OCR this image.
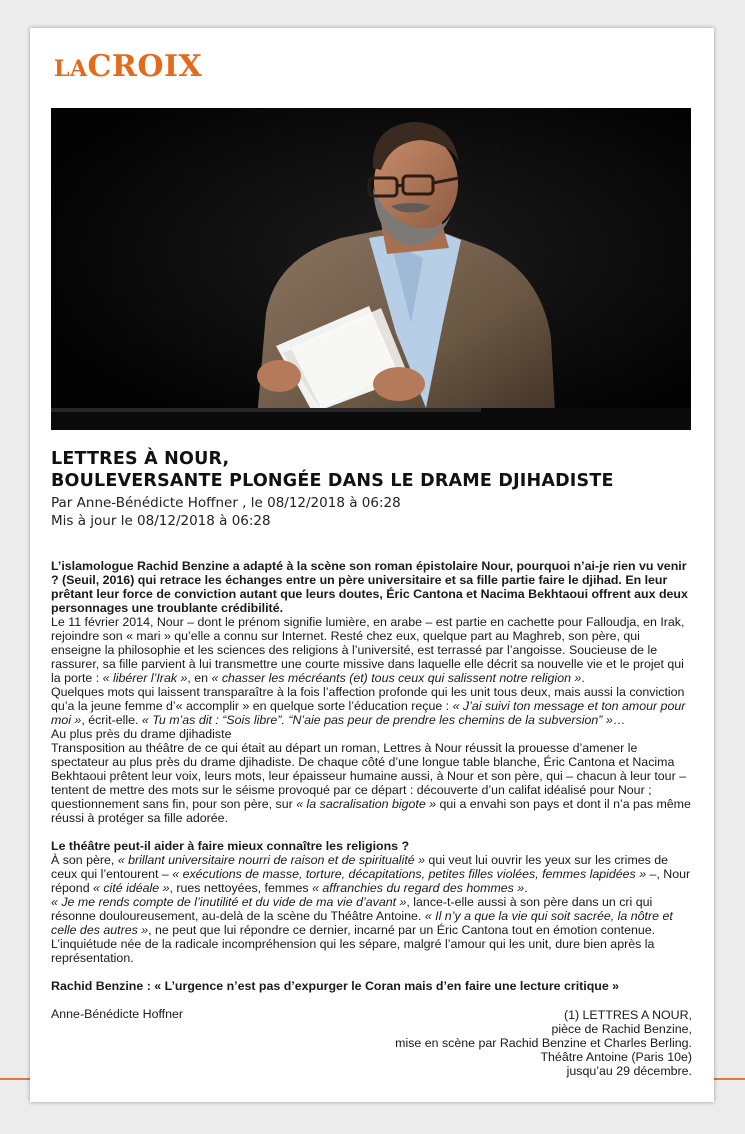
LACROIX
LETTRES À NOUR,
BOULEVERSANTE PLONGÉE DANS LE DRAME DJIHADISTE
Par Anne-Bénédicte Hoffner , le 08/12/2018 à 06:28
Mis à jour le 08/12/2018 à 06:28

L’islamologue Rachid Benzine a adapté à la scène son roman épistolaire Nour, pourquoi n’ai-je rien vu venir ? (Seuil, 2016) qui retrace les échanges entre un père universitaire et sa fille partie faire le djihad. En leur prêtant leur force de conviction autant que leurs doutes, Éric Cantona et Nacima Bekhtaoui offrent aux deux personnages une troublante crédibilité.

Le 11 février 2014, Nour – dont le prénom signifie lumière, en arabe – est partie en cachette pour Falloudja, en Irak, rejoindre son « mari » qu’elle a connu sur Internet. Resté chez eux, quelque part au Maghreb, son père, qui enseigne la philosophie et les sciences des religions à l’université, est terrassé par l’angoisse. Soucieuse de le rassurer, sa fille parvient à lui transmettre une courte missive dans laquelle elle décrit sa nouvelle vie et le projet qui la porte : « libérer l’Irak », en « chasser les mécréants (et) tous ceux qui salissent notre religion ».

Quelques mots qui laissent transparaître à la fois l’affection profonde qui les unit tous deux, mais aussi la conviction qu’a la jeune femme d’« accomplir » en quelque sorte l’éducation reçue : « J’ai suivi ton message et ton amour pour moi », écrit-elle. « Tu m’as dit : “Sois libre”. “N’aie pas peur de prendre les chemins de la subversion” »…

Au plus près du drame djihadiste

Transposition au théâtre de ce qui était au départ un roman, Lettres à Nour réussit la prouesse d’amener le spectateur au plus près du drame djihadiste. De chaque côté d’une longue table blanche, Éric Cantona et Nacima Bekhtaoui prêtent leur voix, leurs mots, leur épaisseur humaine aussi, à Nour et son père, qui – chacun à leur tour – tentent de mettre des mots sur le séisme provoqué par ce départ : découverte d’un califat idéalisé pour Nour ; questionnement sans fin, pour son père, sur « la sacralisation bigote » qui a envahi son pays et dont il n’a pas même réussi à protéger sa fille adorée.

Le théâtre peut-il aider à faire mieux connaître les religions ?

À son père, « brillant universitaire nourri de raison et de spiritualité » qui veut lui ouvrir les yeux sur les crimes de ceux qui l’entourent – « exécutions de masse, torture, décapitations, petites filles violées, femmes lapidées » –, Nour répond « cité idéale », rues nettoyées, femmes « affranchies du regard des hommes ».

« Je me rends compte de l’inutilité et du vide de ma vie d’avant », lance-t-elle aussi à son père dans un cri qui résonne douloureusement, au-delà de la scène du Théâtre Antoine. « Il n’y a que la vie qui soit sacrée, la nôtre et celle des autres », ne peut que lui répondre ce dernier, incarné par un Éric Cantona tout en émotion contenue. L’inquiétude née de la radicale incompréhension qui les sépare, malgré l’amour qui les unit, dure bien après la représentation.

Rachid Benzine : « L’urgence n’est pas d’expurger le Coran mais d’en faire une lecture critique »

Anne-Bénédicte Hoffner	(1) LETTRES A NOUR,
pièce de Rachid Benzine,
mise en scène par Rachid Benzine et Charles Berling.
Théâtre Antoine (Paris 10e)
jusqu’au 29 décembre.
